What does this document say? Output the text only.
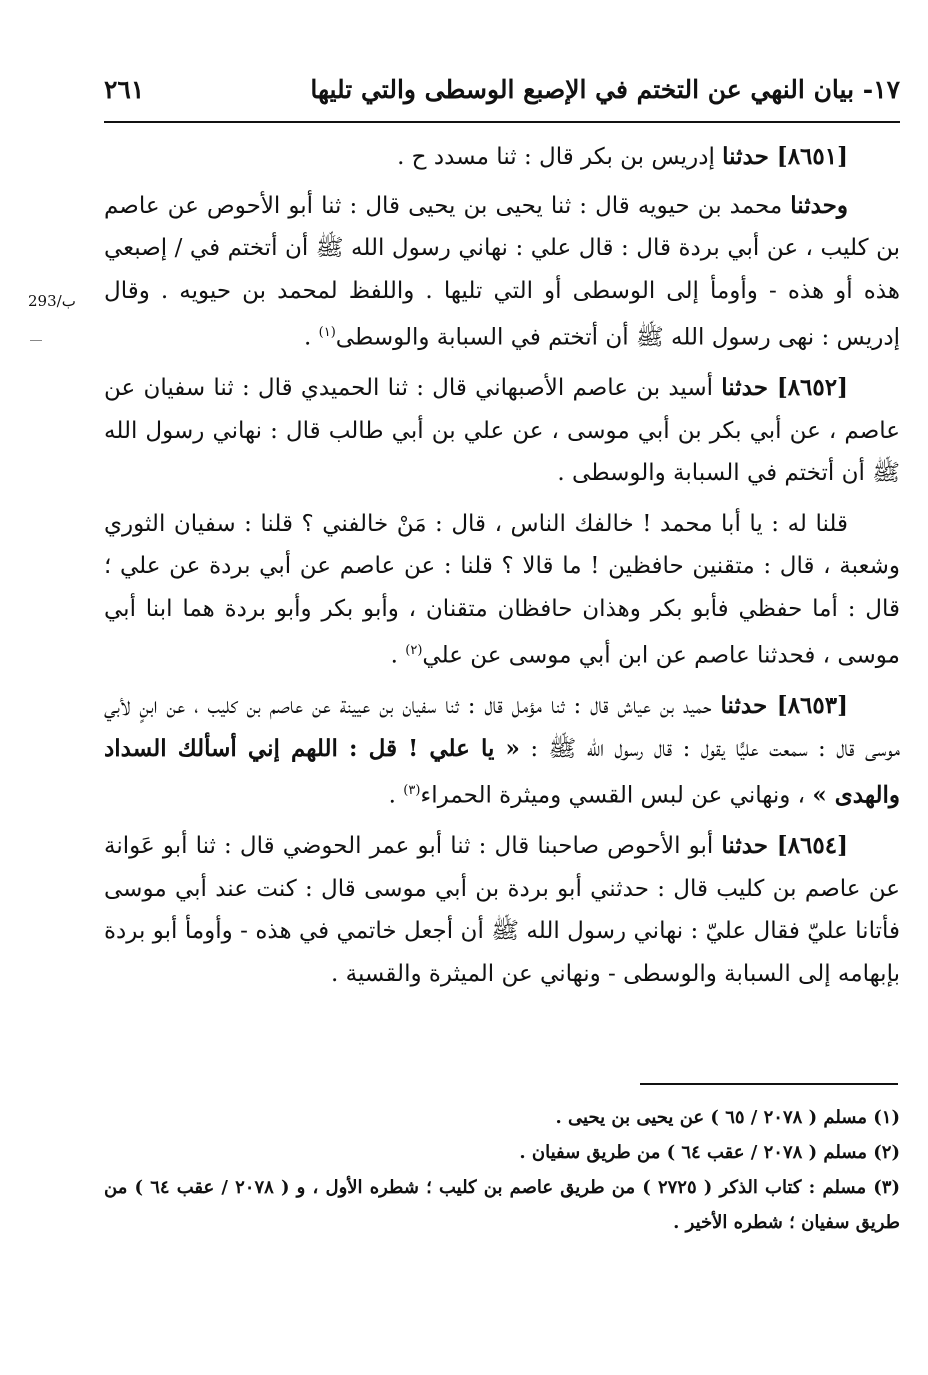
١٧- بيان النهي عن التختم في الإصبع الوسطى والتي تليها
٢٦١
293/ب

[٨٦٥١] حدثنا إدريس بن بكر قال : ثنا مسدد ح .

وحدثنا محمد بن حيويه قال : ثنا يحيى بن يحيى قال : ثنا أبو الأحوص عن عاصم بن كليب ، عن أبي بردة قال : قال علي : نهاني رسول الله ﷺ أن أتختم في / إصبعي هذه أو هذه - وأومأ إلى الوسطى أو التي تليها . واللفظ لمحمد بن حيويه . وقال إدريس : نهى رسول الله ﷺ أن أتختم في السبابة والوسطى$^{(١)}$ .

[٨٦٥٢] حدثنا أسيد بن عاصم الأصبهاني قال : ثنا الحميدي قال : ثنا سفيان عن عاصم ، عن أبي بكر بن أبي موسى ، عن علي بن أبي طالب قال : نهاني رسول الله ﷺ أن أتختم في السبابة والوسطى .

قلنا له : يا أبا محمد ! خالفك الناس ، قال : مَنْ خالفني ؟ قلنا : سفيان الثوري وشعبة ، قال : متقنين حافظين ! ما قالا ؟ قلنا : عن عاصم عن أبي بردة عن علي ؛ قال : أما حفظي فأبو بكر وهذان حافظان متقنان ، وأبو بكر وأبو بردة هما ابنا أبي موسى ، فحدثنا عاصم عن ابن أبي موسى عن علي$^{(٢)}$ .

[٨٦٥٣] حدثنا حميد بن عياش قال : ثنا مؤمل قال : ثنا سفيان بن عيينة عن عاصم بن كليب ، عن ابنٍ لأبي موسى قال : سمعت عليًّا يقول : قال رسول الله ﷺ : « يا علي ! قل : اللهم إني أسألك السداد والهدى » ، ونهاني عن لبس القسي وميثرة الحمراء$^{(٣)}$ .

[٨٦٥٤] حدثنا أبو الأحوص صاحبنا قال : ثنا أبو عمر الحوضي قال : ثنا أبو عَوانة عن عاصم بن كليب قال : حدثني أبو بردة بن أبي موسى قال : كنت عند أبي موسى فأتانا عليّ فقال عليّ : نهاني رسول الله ﷺ أن أجعل خاتمي في هذه - وأومأ أبو بردة بإبهامه إلى السبابة والوسطى - ونهاني عن الميثرة والقسية .

(١) مسلم ( ٢٠٧٨ / ٦٥ ) عن يحيى بن يحيى .
(٢) مسلم ( ٢٠٧٨ / عقب ٦٤ ) من طريق سفيان .
(٣) مسلم : كتاب الذكر ( ٢٧٢٥ ) من طريق عاصم بن كليب ؛ شطره الأول ، و ( ٢٠٧٨ / عقب ٦٤ ) من طريق سفيان ؛ شطره الأخير .
